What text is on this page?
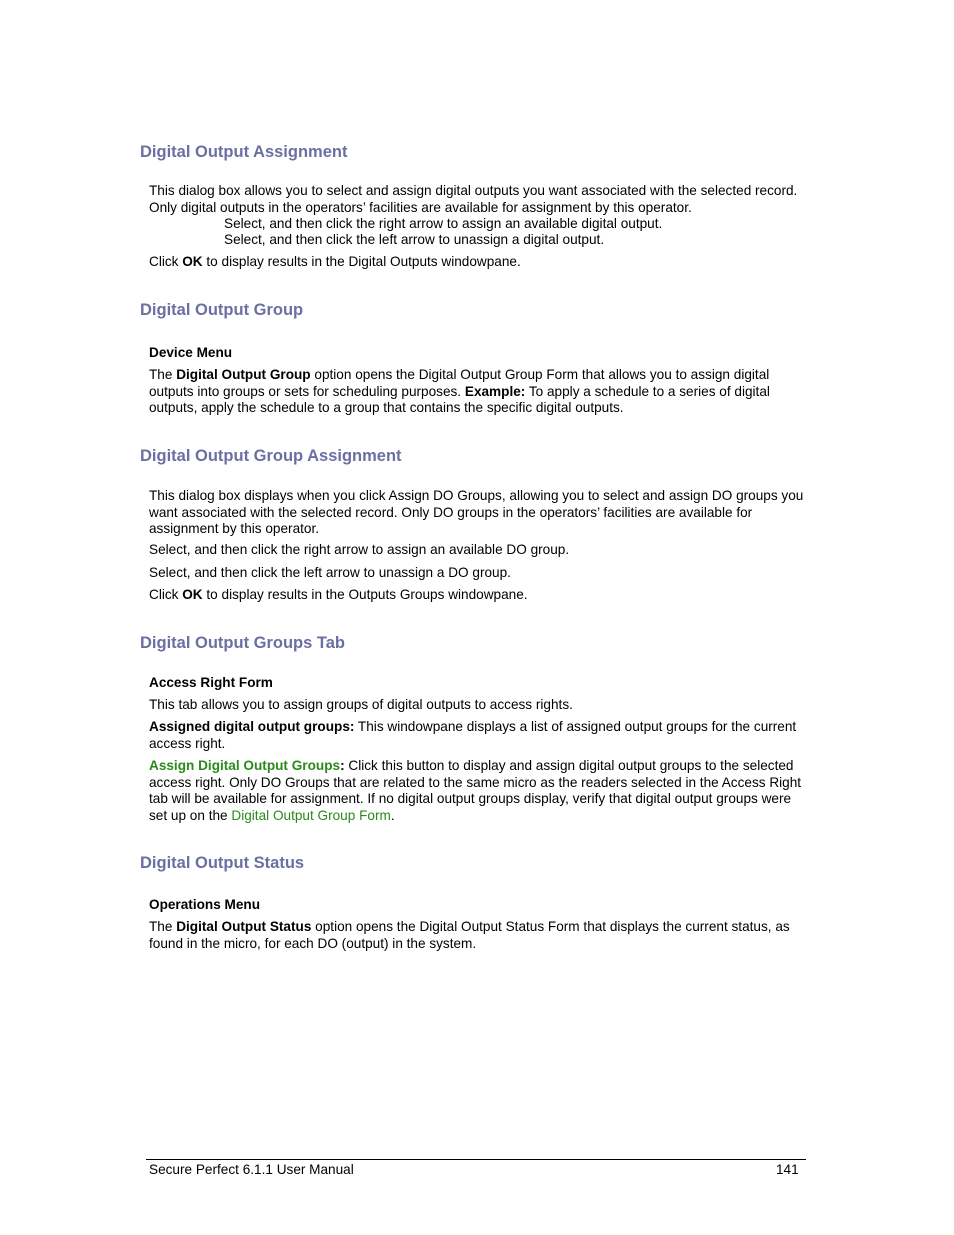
Digital Output Assignment

This dialog box allows you to select and assign digital outputs you want associated with the selected record. Only digital outputs in the operators’ facilities are available for assignment by this operator.

Select, and then click the right arrow to assign an available digital output.

Select, and then click the left arrow to unassign a digital output.

Click OK to display results in the Digital Outputs windowpane.

Digital Output Group

Device Menu

The Digital Output Group option opens the Digital Output Group Form that allows you to assign digital outputs into groups or sets for scheduling purposes. Example: To apply a schedule to a series of digital outputs, apply the schedule to a group that contains the specific digital outputs.

Digital Output Group Assignment

This dialog box displays when you click Assign DO Groups, allowing you to select and assign DO groups you want associated with the selected record. Only DO groups in the operators’ facilities are available for assignment by this operator.

Select, and then click the right arrow to assign an available DO group.

Select, and then click the left arrow to unassign a DO group.

Click OK to display results in the Outputs Groups windowpane.

Digital Output Groups Tab

Access Right Form

This tab allows you to assign groups of digital outputs to access rights.

Assigned digital output groups: This windowpane displays a list of assigned output groups for the current access right.

Assign Digital Output Groups: Click this button to display and assign digital output groups to the selected access right. Only DO Groups that are related to the same micro as the readers selected in the Access Right tab will be available for assignment. If no digital output groups display, verify that digital output groups were set up on the Digital Output Group Form.

Digital Output Status

Operations Menu

The Digital Output Status option opens the Digital Output Status Form that displays the current status, as found in the micro, for each DO (output) in the system.

Secure Perfect 6.1.1 User Manual	141
